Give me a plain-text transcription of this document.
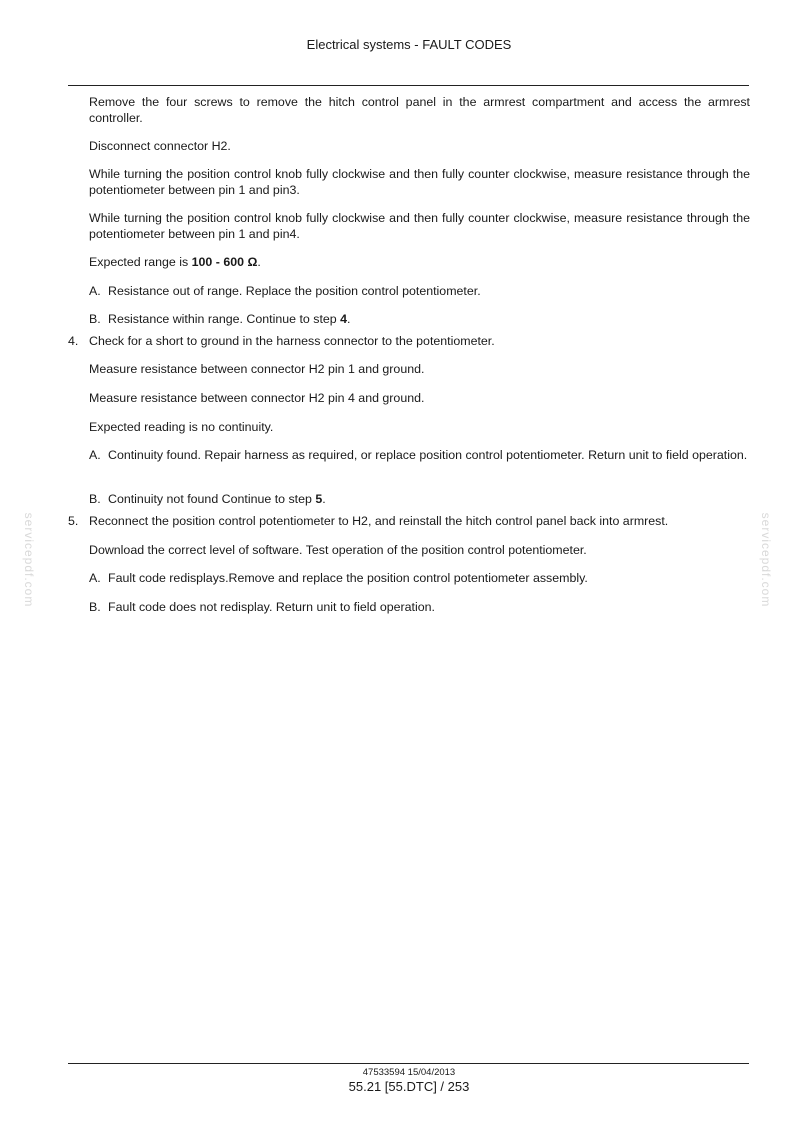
Electrical systems - FAULT CODES
Remove the four screws to remove the hitch control panel in the armrest compartment and access the armrest controller.
Disconnect connector H2.
While turning the position control knob fully clockwise and then fully counter clockwise, measure resistance through the potentiometer between pin 1 and pin3.
While turning the position control knob fully clockwise and then fully counter clockwise, measure resistance through the potentiometer between pin 1 and pin4.
Expected range is 100 - 600 Ω.
A. Resistance out of range. Replace the position control potentiometer.
B. Resistance within range. Continue to step 4.
4. Check for a short to ground in the harness connector to the potentiometer.
Measure resistance between connector H2 pin 1 and ground.
Measure resistance between connector H2 pin 4 and ground.
Expected reading is no continuity.
A. Continuity found. Repair harness as required, or replace position control potentiometer. Return unit to field operation.
B. Continuity not found Continue to step 5.
5. Reconnect the position control potentiometer to H2, and reinstall the hitch control panel back into armrest.
Download the correct level of software. Test operation of the position control potentiometer.
A. Fault code redisplays.Remove and replace the position control potentiometer assembly.
B. Fault code does not redisplay. Return unit to field operation.
servicepdf.com	servicepdf.com
47533594 15/04/2013
55.21 [55.DTC] / 253
